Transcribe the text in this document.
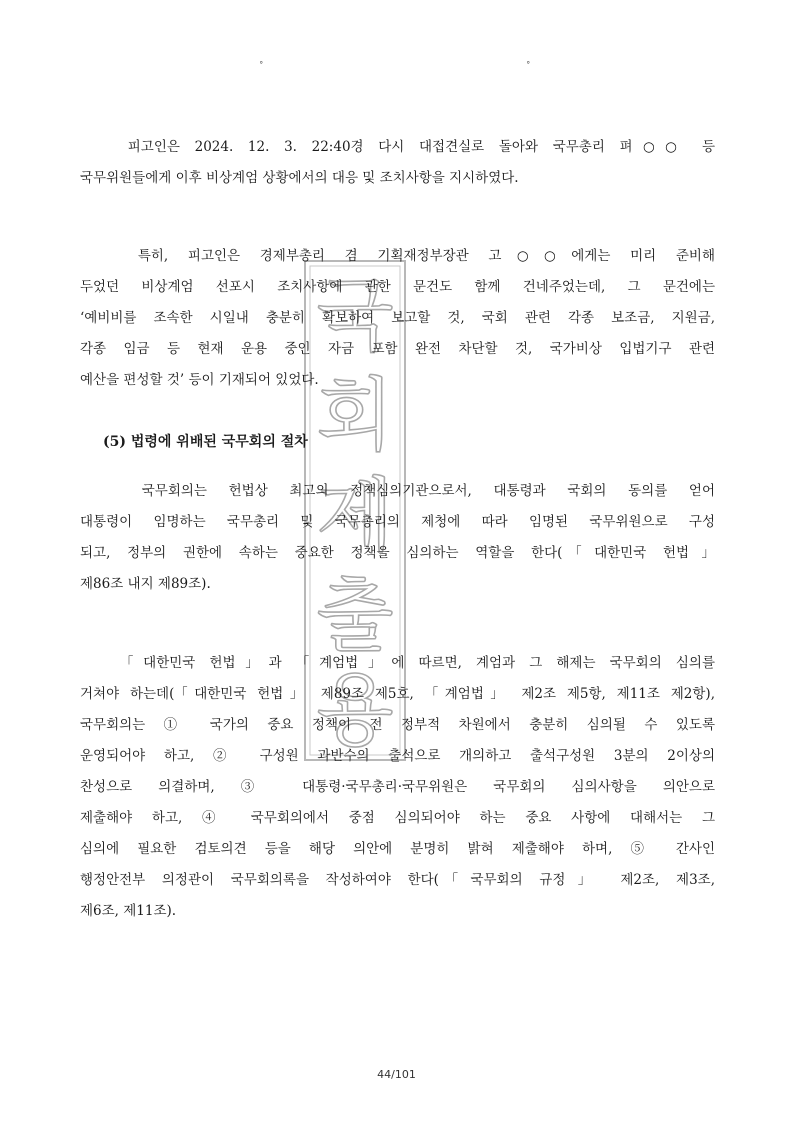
˚	˚
국
회
제
출
용
　　피고인은 2024. 12. 3. 22:40경 다시 대접견실로 돌아와 국무총리 펴○○ 등
국무위원들에게 이후 비상계엄 상황에서의 대응 및 조치사항을 지시하였다.
　　특히, 피고인은 경제부총리 겸 기획재정부장관 고○○에게는 미리 준비해
두었던 비상계엄 선포시 조치사항에 관한 문건도 함께 건네주었는데, 그 문건에는
‘예비비를 조속한 시일내 충분히 확보하여 보고할 것, 국회 관련 각종 보조금, 지원금,
각종 임금 등 현재 운용 중인 자금 포함 완전 차단할 것, 국가비상 입법기구 관련
예산을 편성할 것’ 등이 기재되어 있었다.
(5) 법령에 위배된 국무회의 절차
　　국무회의는 헌법상 최고의 정책심의기관으로서, 대통령과 국회의 동의를 얻어
대통령이 임명하는 국무총리 및 국무총리의 제청에 따라 임명된 국무위원으로 구성
되고, 정부의 권한에 속하는 중요한 정책을 심의하는 역할을 한다(「대한민국 헌법」
제86조 내지 제89조).
　　「대한민국 헌법」과 「계엄법」에 따르면, 계엄과 그 해제는 국무회의 심의를
거쳐야 하는데(「대한민국 헌법」 제89조 제5호, 「계엄법」 제2조 제5항, 제11조 제2항),
국무회의는 ① 국가의 중요 정책이 전 정부적 차원에서 충분히 심의될 수 있도록
운영되어야 하고, ② 구성원 과반수의 출석으로 개의하고 출석구성원 3분의 2이상의
찬성으로 의결하며, ③ 대통령·국무총리·국무위원은 국무회의 심의사항을 의안으로
제출해야 하고, ④ 국무회의에서 중점 심의되어야 하는 중요 사항에 대해서는 그
심의에 필요한 검토의견 등을 해당 의안에 분명히 밝혀 제출해야 하며, ⑤ 간사인
행정안전부 의정관이 국무회의록을 작성하여야 한다(「국무회의 규정」 제2조, 제3조,
제6조, 제11조).
44/101
